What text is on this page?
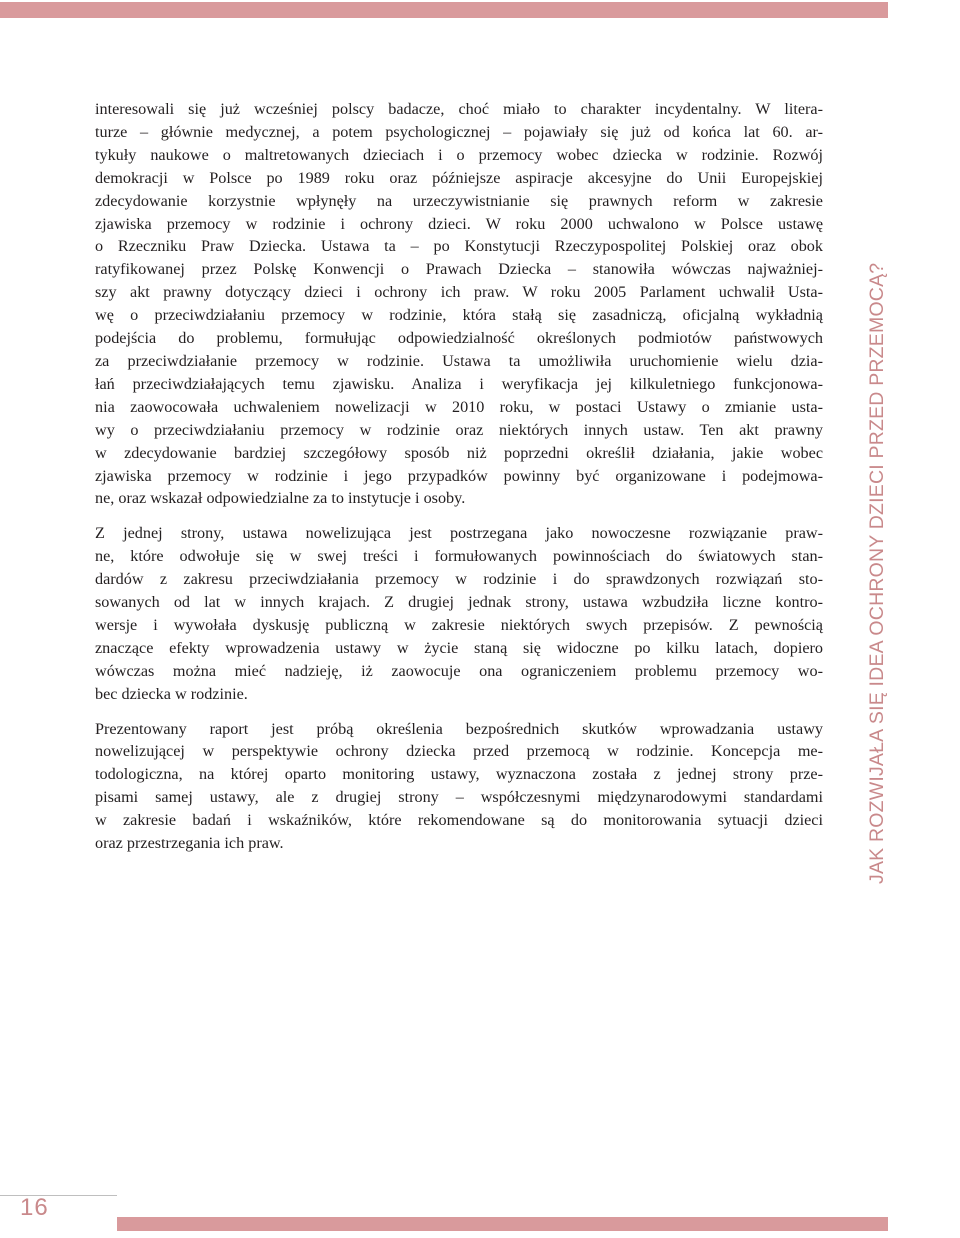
interesowali się już wcześniej polscy badacze, choć miało to charakter incydentalny. W litera-
turze – głównie medycznej, a potem psychologicznej – pojawiały się już od końca lat 60. ar-
tykuły naukowe o maltretowanych dzieciach i o przemocy wobec dziecka w rodzinie. Rozwój
demokracji w Polsce po 1989 roku oraz późniejsze aspiracje akcesyjne do Unii Europejskiej
zdecydowanie korzystnie wpłynęły na urzeczywistnianie się prawnych reform w zakresie
zjawiska przemocy w rodzinie i ochrony dzieci. W roku 2000 uchwalono w Polsce ustawę
o Rzeczniku Praw Dziecka. Ustawa ta – po Konstytucji Rzeczypospolitej Polskiej oraz obok
ratyfikowanej przez Polskę Konwencji o Prawach Dziecka – stanowiła wówczas najważniej-
szy akt prawny dotyczący dzieci i ochrony ich praw. W roku 2005 Parlament uchwalił Usta-
wę o przeciwdziałaniu przemocy w rodzinie, która stałą się zasadniczą, oficjalną wykładnią
podejścia do problemu, formułując odpowiedzialność określonych podmiotów państwowych
za przeciwdziałanie przemocy w rodzinie. Ustawa ta umożliwiła uruchomienie wielu dzia-
łań przeciwdziałających temu zjawisku. Analiza i weryfikacja jej kilkuletniego funkcjonowa-
nia zaowocowała uchwaleniem nowelizacji w 2010 roku, w postaci Ustawy o zmianie usta-
wy o przeciwdziałaniu przemocy w rodzinie oraz niektórych innych ustaw. Ten akt prawny
w zdecydowanie bardziej szczegółowy sposób niż poprzedni określił działania, jakie wobec
zjawiska przemocy w rodzinie i jego przypadków powinny być organizowane i podejmowa-
ne, oraz wskazał odpowiedzialne za to instytucje i osoby.

Z jednej strony, ustawa nowelizująca jest postrzegana jako nowoczesne rozwiązanie praw-
ne, które odwołuje się w swej treści i formułowanych powinnościach do światowych stan-
dardów z zakresu przeciwdziałania przemocy w rodzinie i do sprawdzonych rozwiązań sto-
sowanych od lat w innych krajach. Z drugiej jednak strony, ustawa wzbudziła liczne kontro-
wersje i wywołała dyskusję publiczną w zakresie niektórych swych przepisów. Z pewnością
znaczące efekty wprowadzenia ustawy w życie staną się widoczne po kilku latach, dopiero
wówczas można mieć nadzieję, iż zaowocuje ona ograniczeniem problemu przemocy wo-
bec dziecka w rodzinie.

Prezentowany raport jest próbą określenia bezpośrednich skutków wprowadzania ustawy
nowelizującej w perspektywie ochrony dziecka przed przemocą w rodzinie. Koncepcja me-
todologiczna, na której oparto monitoring ustawy, wyznaczona została z jednej strony prze-
pisami samej ustawy, ale z drugiej strony – współczesnymi międzynarodowymi standardami
w zakresie badań i wskaźników, które rekomendowane są do monitorowania sytuacji dzieci
oraz przestrzegania ich praw.	JAK ROZWIJAŁA SIĘ IDEA OCHRONY DZIECI PRZED PRZEMOCĄ?
16
